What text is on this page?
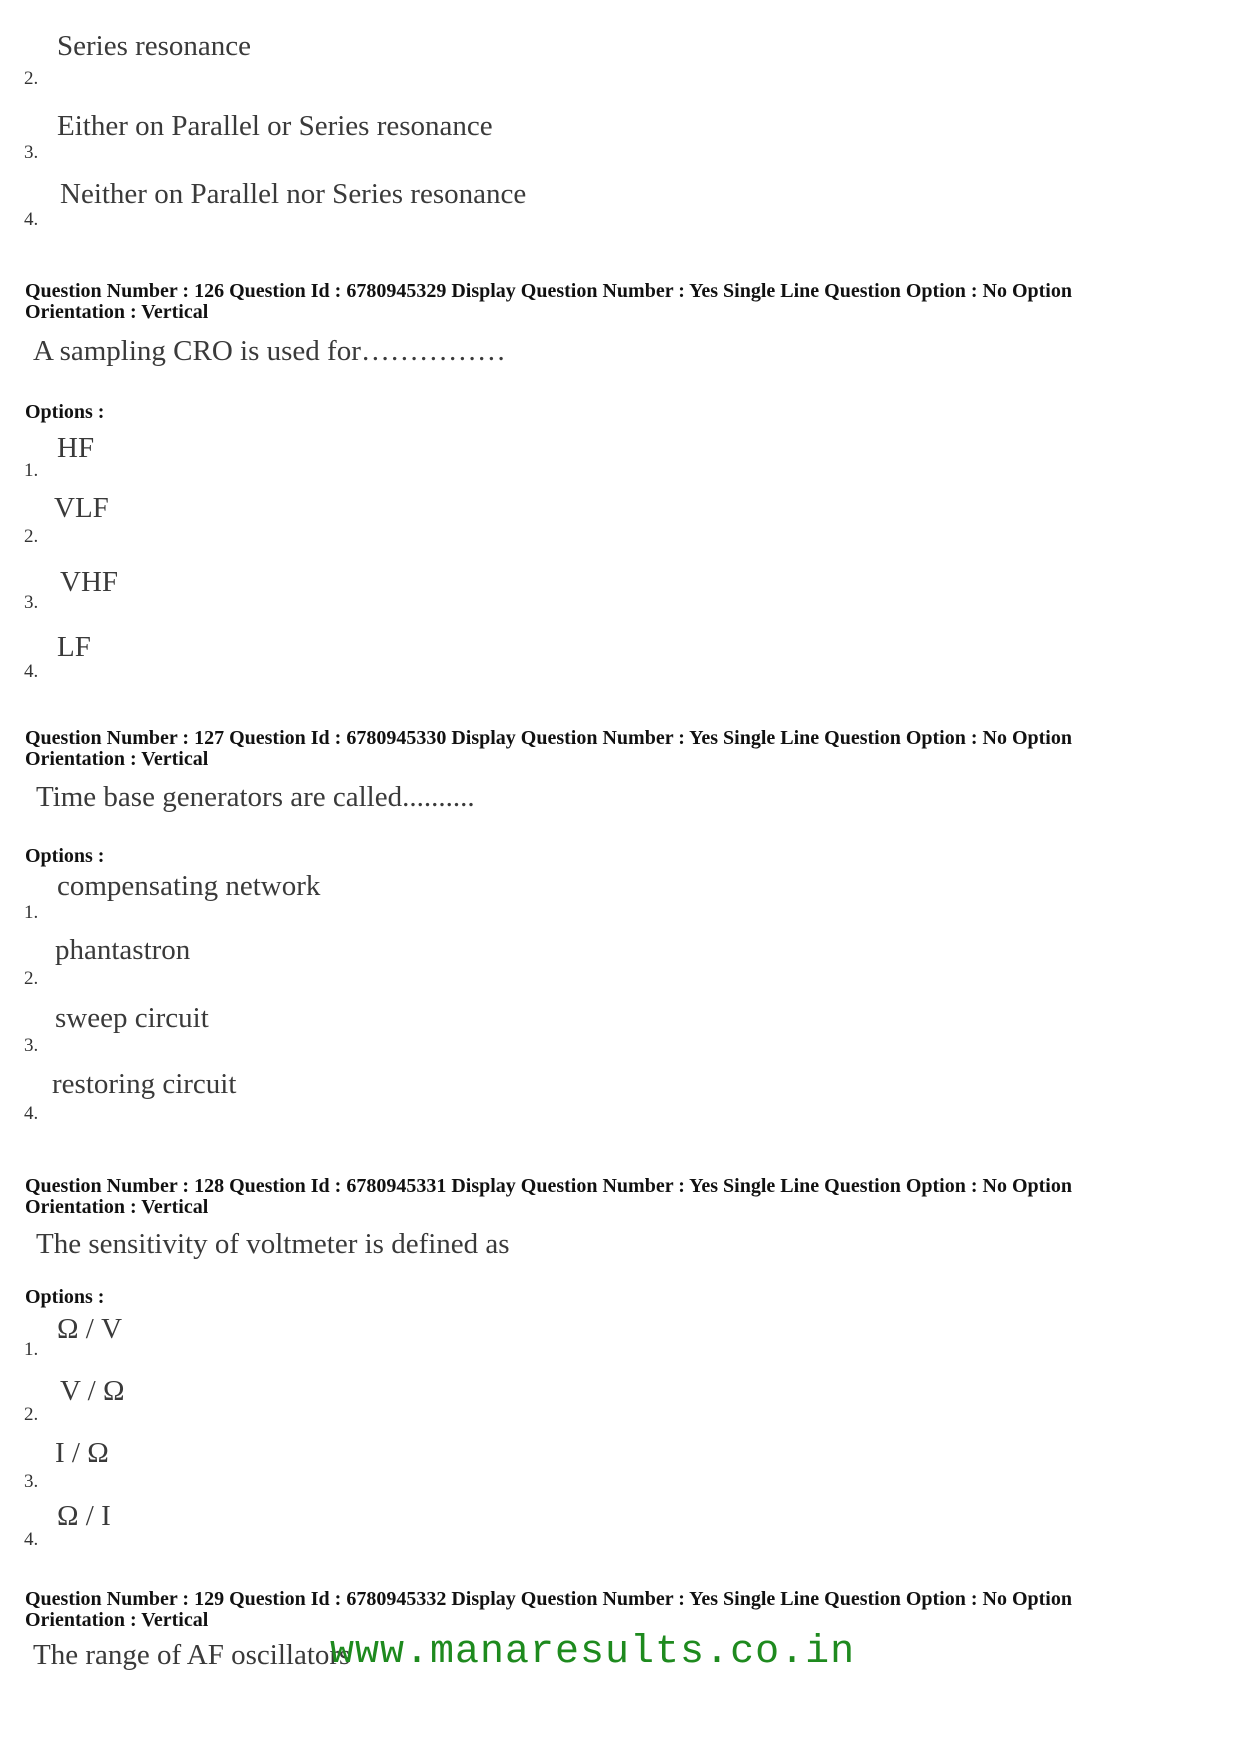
Series resonance
2.
Either on Parallel or Series resonance
3.
Neither on Parallel nor Series resonance
4.
Question Number : 126 Question Id : 6780945329 Display Question Number : Yes Single Line Question Option : No Option
Orientation : Vertical
A sampling CRO is used for……………
Options :
HF
1.
VLF
2.
VHF
3.
LF
4.
Question Number : 127 Question Id : 6780945330 Display Question Number : Yes Single Line Question Option : No Option
Orientation : Vertical
Time base generators are called..........
Options :
compensating network
1.
phantastron
2.
sweep circuit
3.
restoring circuit
4.
Question Number : 128 Question Id : 6780945331 Display Question Number : Yes Single Line Question Option : No Option
Orientation : Vertical
The sensitivity of voltmeter is defined as
Options :
Ω / V
1.
V / Ω
2.
I / Ω
3.
Ω / I
4.
Question Number : 129 Question Id : 6780945332 Display Question Number : Yes Single Line Question Option : No Option
Orientation : Vertical
The range of AF oscillators
www.manaresults.co.in
